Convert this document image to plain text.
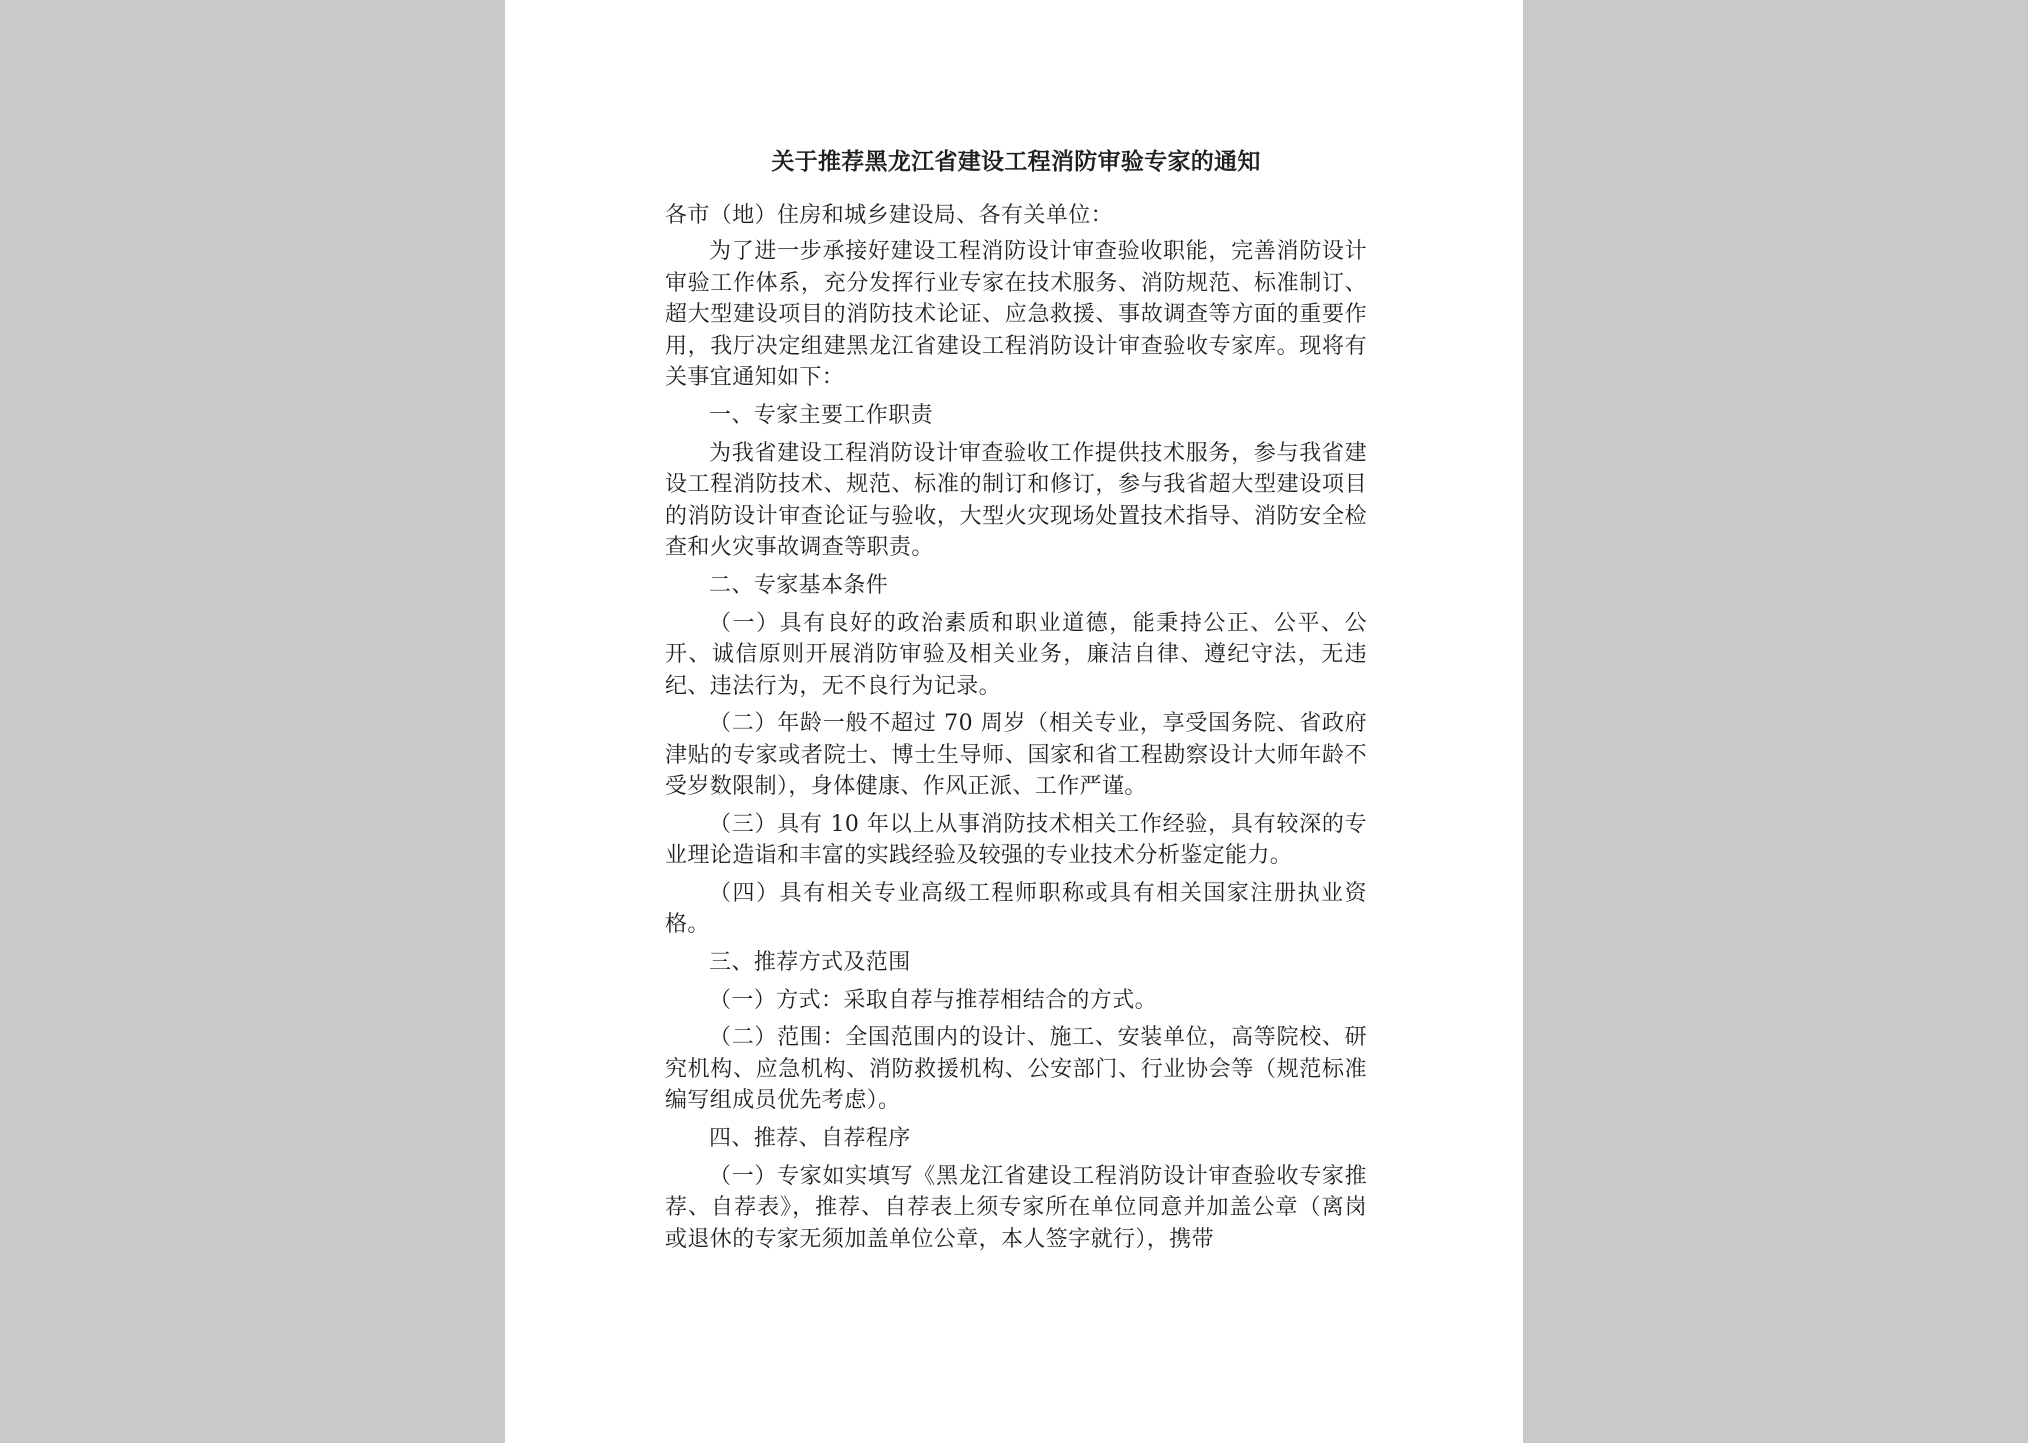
关于推荐黑龙江省建设工程消防审验专家的通知

各市（地）住房和城乡建设局、各有关单位：

为了进一步承接好建设工程消防设计审查验收职能，完善消防设计审验工作体系，充分发挥行业专家在技术服务、消防规范、标准制订、超大型建设项目的消防技术论证、应急救援、事故调查等方面的重要作用，我厅决定组建黑龙江省建设工程消防设计审查验收专家库。现将有关事宜通知如下：

一、专家主要工作职责

为我省建设工程消防设计审查验收工作提供技术服务，参与我省建设工程消防技术、规范、标准的制订和修订，参与我省超大型建设项目的消防设计审查论证与验收，大型火灾现场处置技术指导、消防安全检查和火灾事故调查等职责。

二、专家基本条件

（一）具有良好的政治素质和职业道德，能秉持公正、公平、公开、诚信原则开展消防审验及相关业务，廉洁自律、遵纪守法，无违纪、违法行为，无不良行为记录。

（二）年龄一般不超过 70 周岁（相关专业，享受国务院、省政府津贴的专家或者院士、博士生导师、国家和省工程勘察设计大师年龄不受岁数限制），身体健康、作风正派、工作严谨。

（三）具有 10 年以上从事消防技术相关工作经验，具有较深的专业理论造诣和丰富的实践经验及较强的专业技术分析鉴定能力。

（四）具有相关专业高级工程师职称或具有相关国家注册执业资格。

三、推荐方式及范围

（一）方式：采取自荐与推荐相结合的方式。

（二）范围：全国范围内的设计、施工、安装单位，高等院校、研究机构、应急机构、消防救援机构、公安部门、行业协会等（规范标准编写组成员优先考虑）。

四、推荐、自荐程序

（一）专家如实填写《黑龙江省建设工程消防设计审查验收专家推荐、自荐表》，推荐、自荐表上须专家所在单位同意并加盖公章（离岗或退休的专家无须加盖单位公章，本人签字就行），携带
